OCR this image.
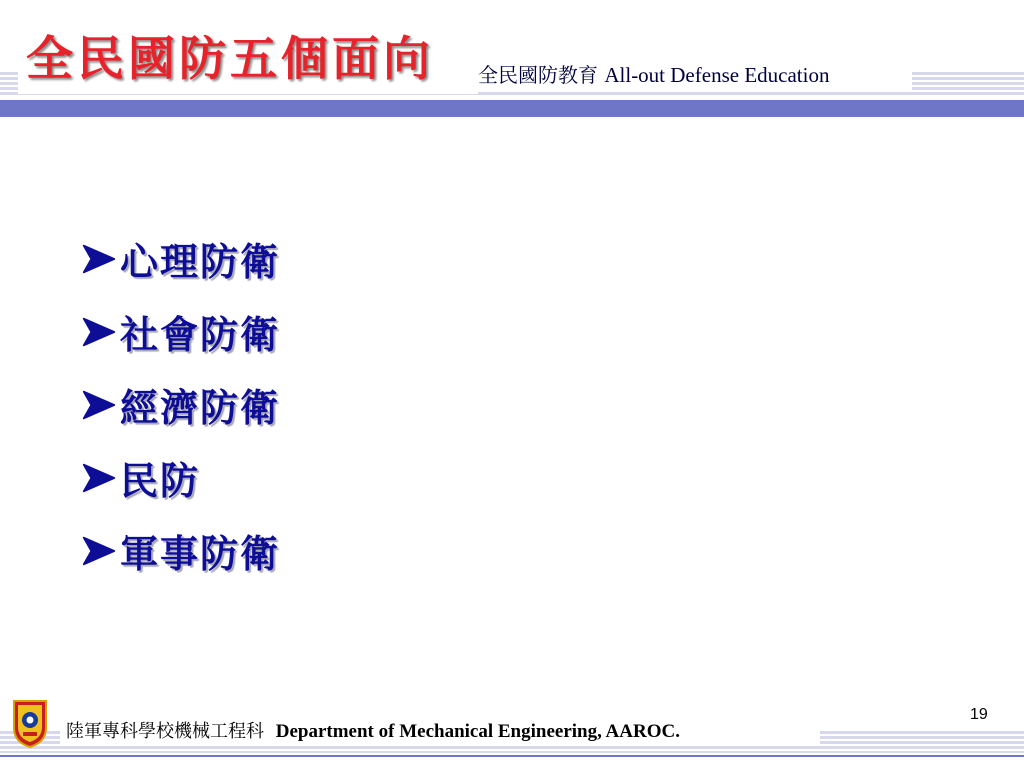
全民國防五個面向 全民國防教育 All-out Defense Education
心理防衛
社會防衛
經濟防衛
民防
軍事防衛
陸軍專科學校機械工程科 Department of Mechanical Engineering, AAROC.
19
